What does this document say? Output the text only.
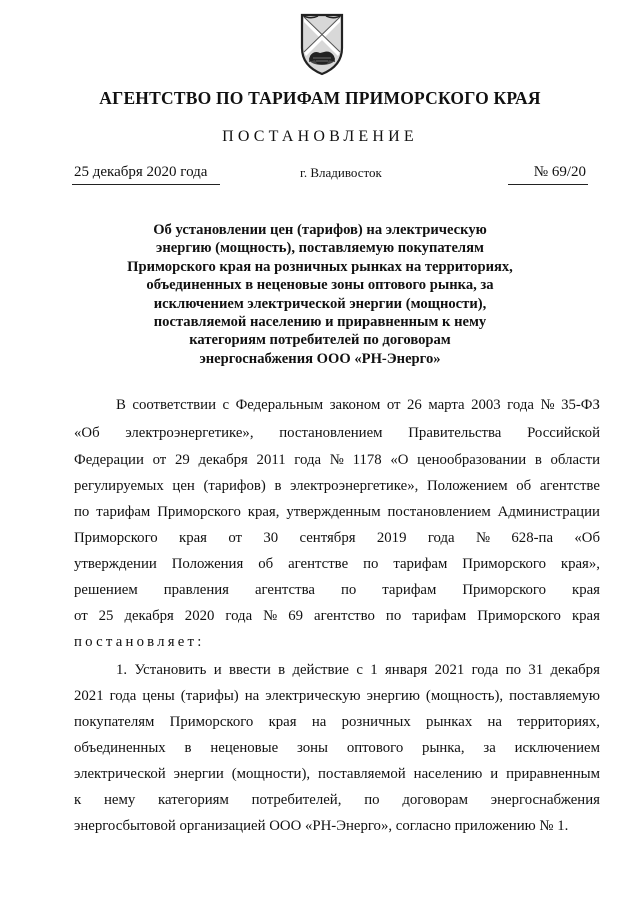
АГЕНТСТВО ПО ТАРИФАМ ПРИМОРСКОГО КРАЯ
ПОСТАНОВЛЕНИЕ
25 декабря 2020 года	г. Владивосток	№ 69/20
Об установлении цен (тарифов) на электрическую
энергию (мощность), поставляемую покупателям
Приморского края на розничных рынках на территориях,
объединенных в неценовые зоны оптового рынка, за
исключением электрической энергии (мощности),
поставляемой населению и приравненным к нему
категориям потребителей по договорам
энергоснабжения ООО «РН-Энерго»
В соответствии с Федеральным законом от 26 марта 2003 года № 35-ФЗ
«Об электроэнергетике», постановлением Правительства Российской
Федерации от 29 декабря 2011 года № 1178 «О ценообразовании в области
регулируемых цен (тарифов) в электроэнергетике», Положением об агентстве
по тарифам Приморского края, утвержденным постановлением Администрации
Приморского края от 30 сентября 2019 года № 628-па «Об
утверждении Положения об агентстве по тарифам Приморского края»,
решением правления агентства по тарифам Приморского края
от 25 декабря 2020 года № 69 агентство по тарифам Приморского края
постановляет:
1. Установить и ввести в действие с 1 января 2021 года по 31 декабря
2021 года цены (тарифы) на электрическую энергию (мощность), поставляемую
покупателям Приморского края на розничных рынках на территориях,
объединенных в неценовые зоны оптового рынка, за исключением
электрической энергии (мощности), поставляемой населению и приравненным
к нему категориям потребителей, по договорам энергоснабжения
энергосбытовой организацией ООО «РН-Энерго», согласно приложению № 1.
